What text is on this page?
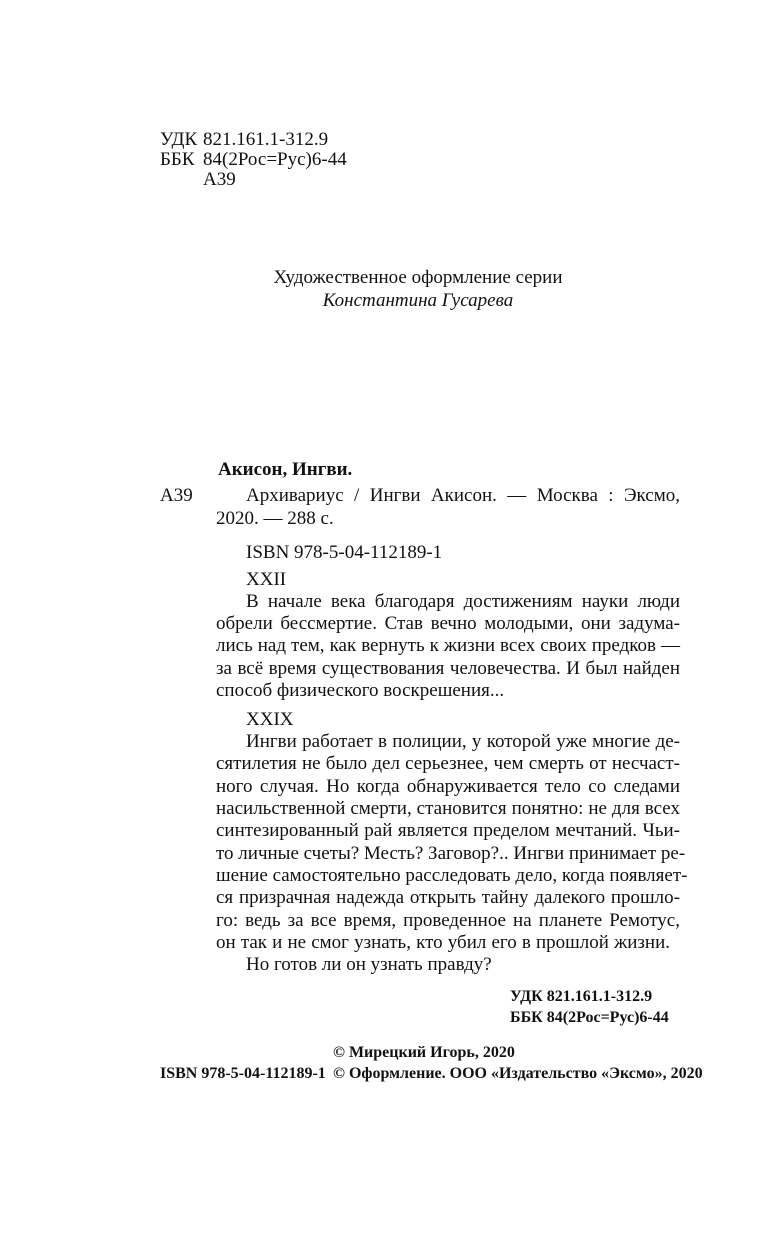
УДК 821.161.1-312.9
ББК 84(2Рос=Рус)6-44
А39
Художественное оформление серии
Константина Гусарева
Акисон, Ингви.
А39	Архивариус / Ингви Акисон. — Москва : Эксмо,
2020. — 288 с.
ISBN 978-5-04-112189-1
XXII
В начале века благодаря достижениям науки люди
обрели бессмертие. Став вечно молодыми, они задума-
лись над тем, как вернуть к жизни всех своих предков —
за всё время существования человечества. И был найден
способ физического воскрешения...
XXIX
Ингви работает в полиции, у которой уже многие де-
сятилетия не было дел серьезнее, чем смерть от несчаст-
ного случая. Но когда обнаруживается тело со следами
насильственной смерти, становится понятно: не для всех
синтезированный рай является пределом мечтаний. Чьи-
то личные счеты? Месть? Заговор?.. Ингви принимает ре-
шение самостоятельно расследовать дело, когда появляет-
ся призрачная надежда открыть тайну далекого прошло-
го: ведь за все время, проведенное на планете Ремотус,
он так и не смог узнать, кто убил его в прошлой жизни.
Но готов ли он узнать правду?
УДК 821.161.1-312.9
ББК 84(2Рос=Рус)6-44
© Мирецкий Игорь, 2020
ISBN 978-5-04-112189-1 © Оформление. ООО «Издательство «Эксмо», 2020
